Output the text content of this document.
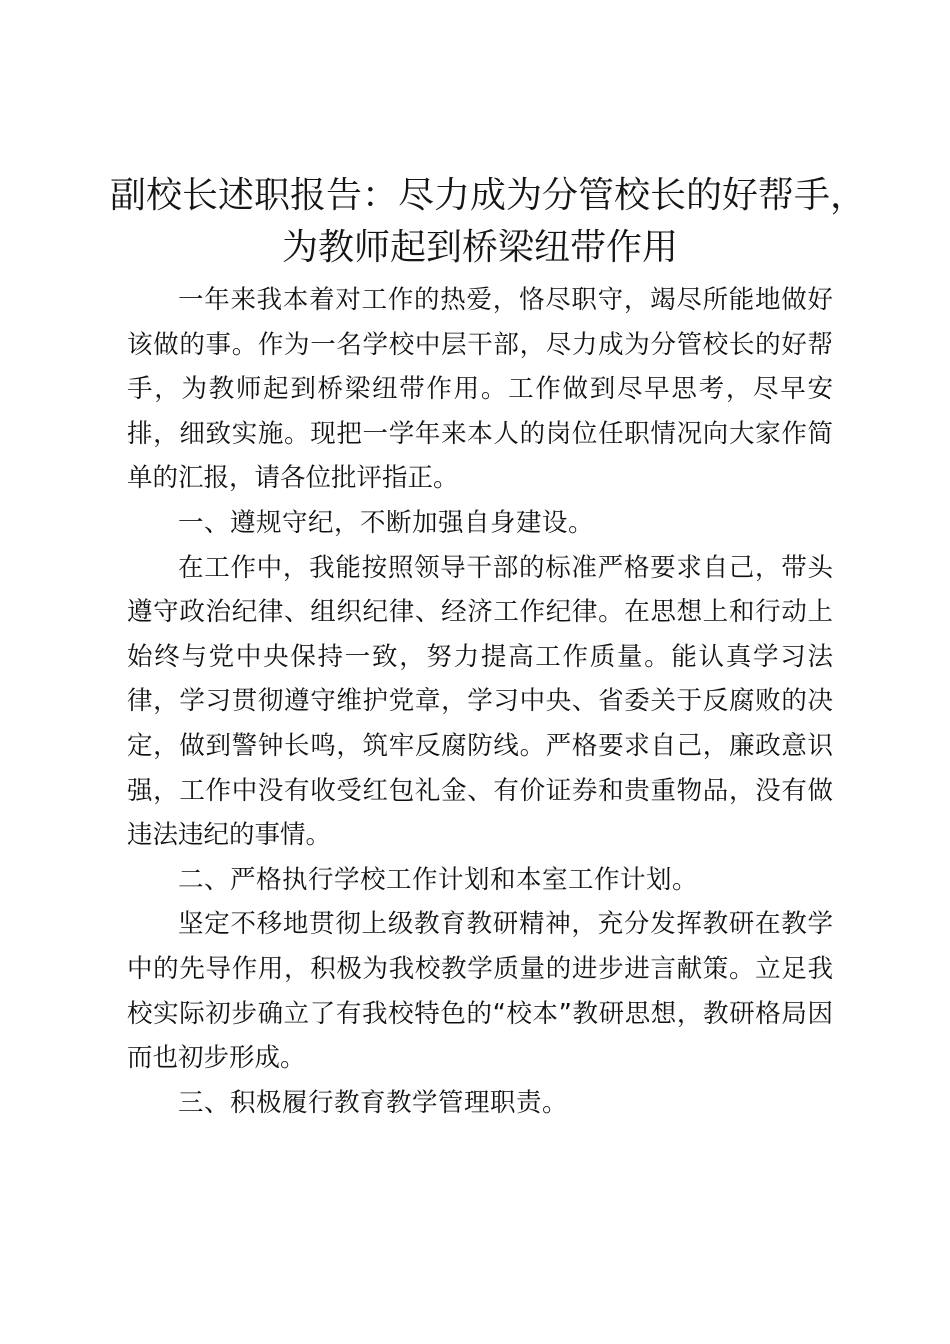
副校长述职报告：尽力成为分管校长的好帮手，
为教师起到桥梁纽带作用

一年来我本着对工作的热爱，恪尽职守，竭尽所能地做好该做的事。作为一名学校中层干部，尽力成为分管校长的好帮手，为教师起到桥梁纽带作用。工作做到尽早思考，尽早安排，细致实施。现把一学年来本人的岗位任职情况向大家作简单的汇报，请各位批评指正。

一、遵规守纪，不断加强自身建设。

在工作中，我能按照领导干部的标准严格要求自己，带头遵守政治纪律、组织纪律、经济工作纪律。在思想上和行动上始终与党中央保持一致，努力提高工作质量。能认真学习法律，学习贯彻遵守维护党章，学习中央、省委关于反腐败的决定，做到警钟长鸣，筑牢反腐防线。严格要求自己，廉政意识强，工作中没有收受红包礼金、有价证券和贵重物品，没有做违法违纪的事情。

二、严格执行学校工作计划和本室工作计划。

坚定不移地贯彻上级教育教研精神，充分发挥教研在教学中的先导作用，积极为我校教学质量的进步进言献策。立足我校实际初步确立了有我校特色的“校本”教研思想，教研格局因而也初步形成。

三、积极履行教育教学管理职责。
